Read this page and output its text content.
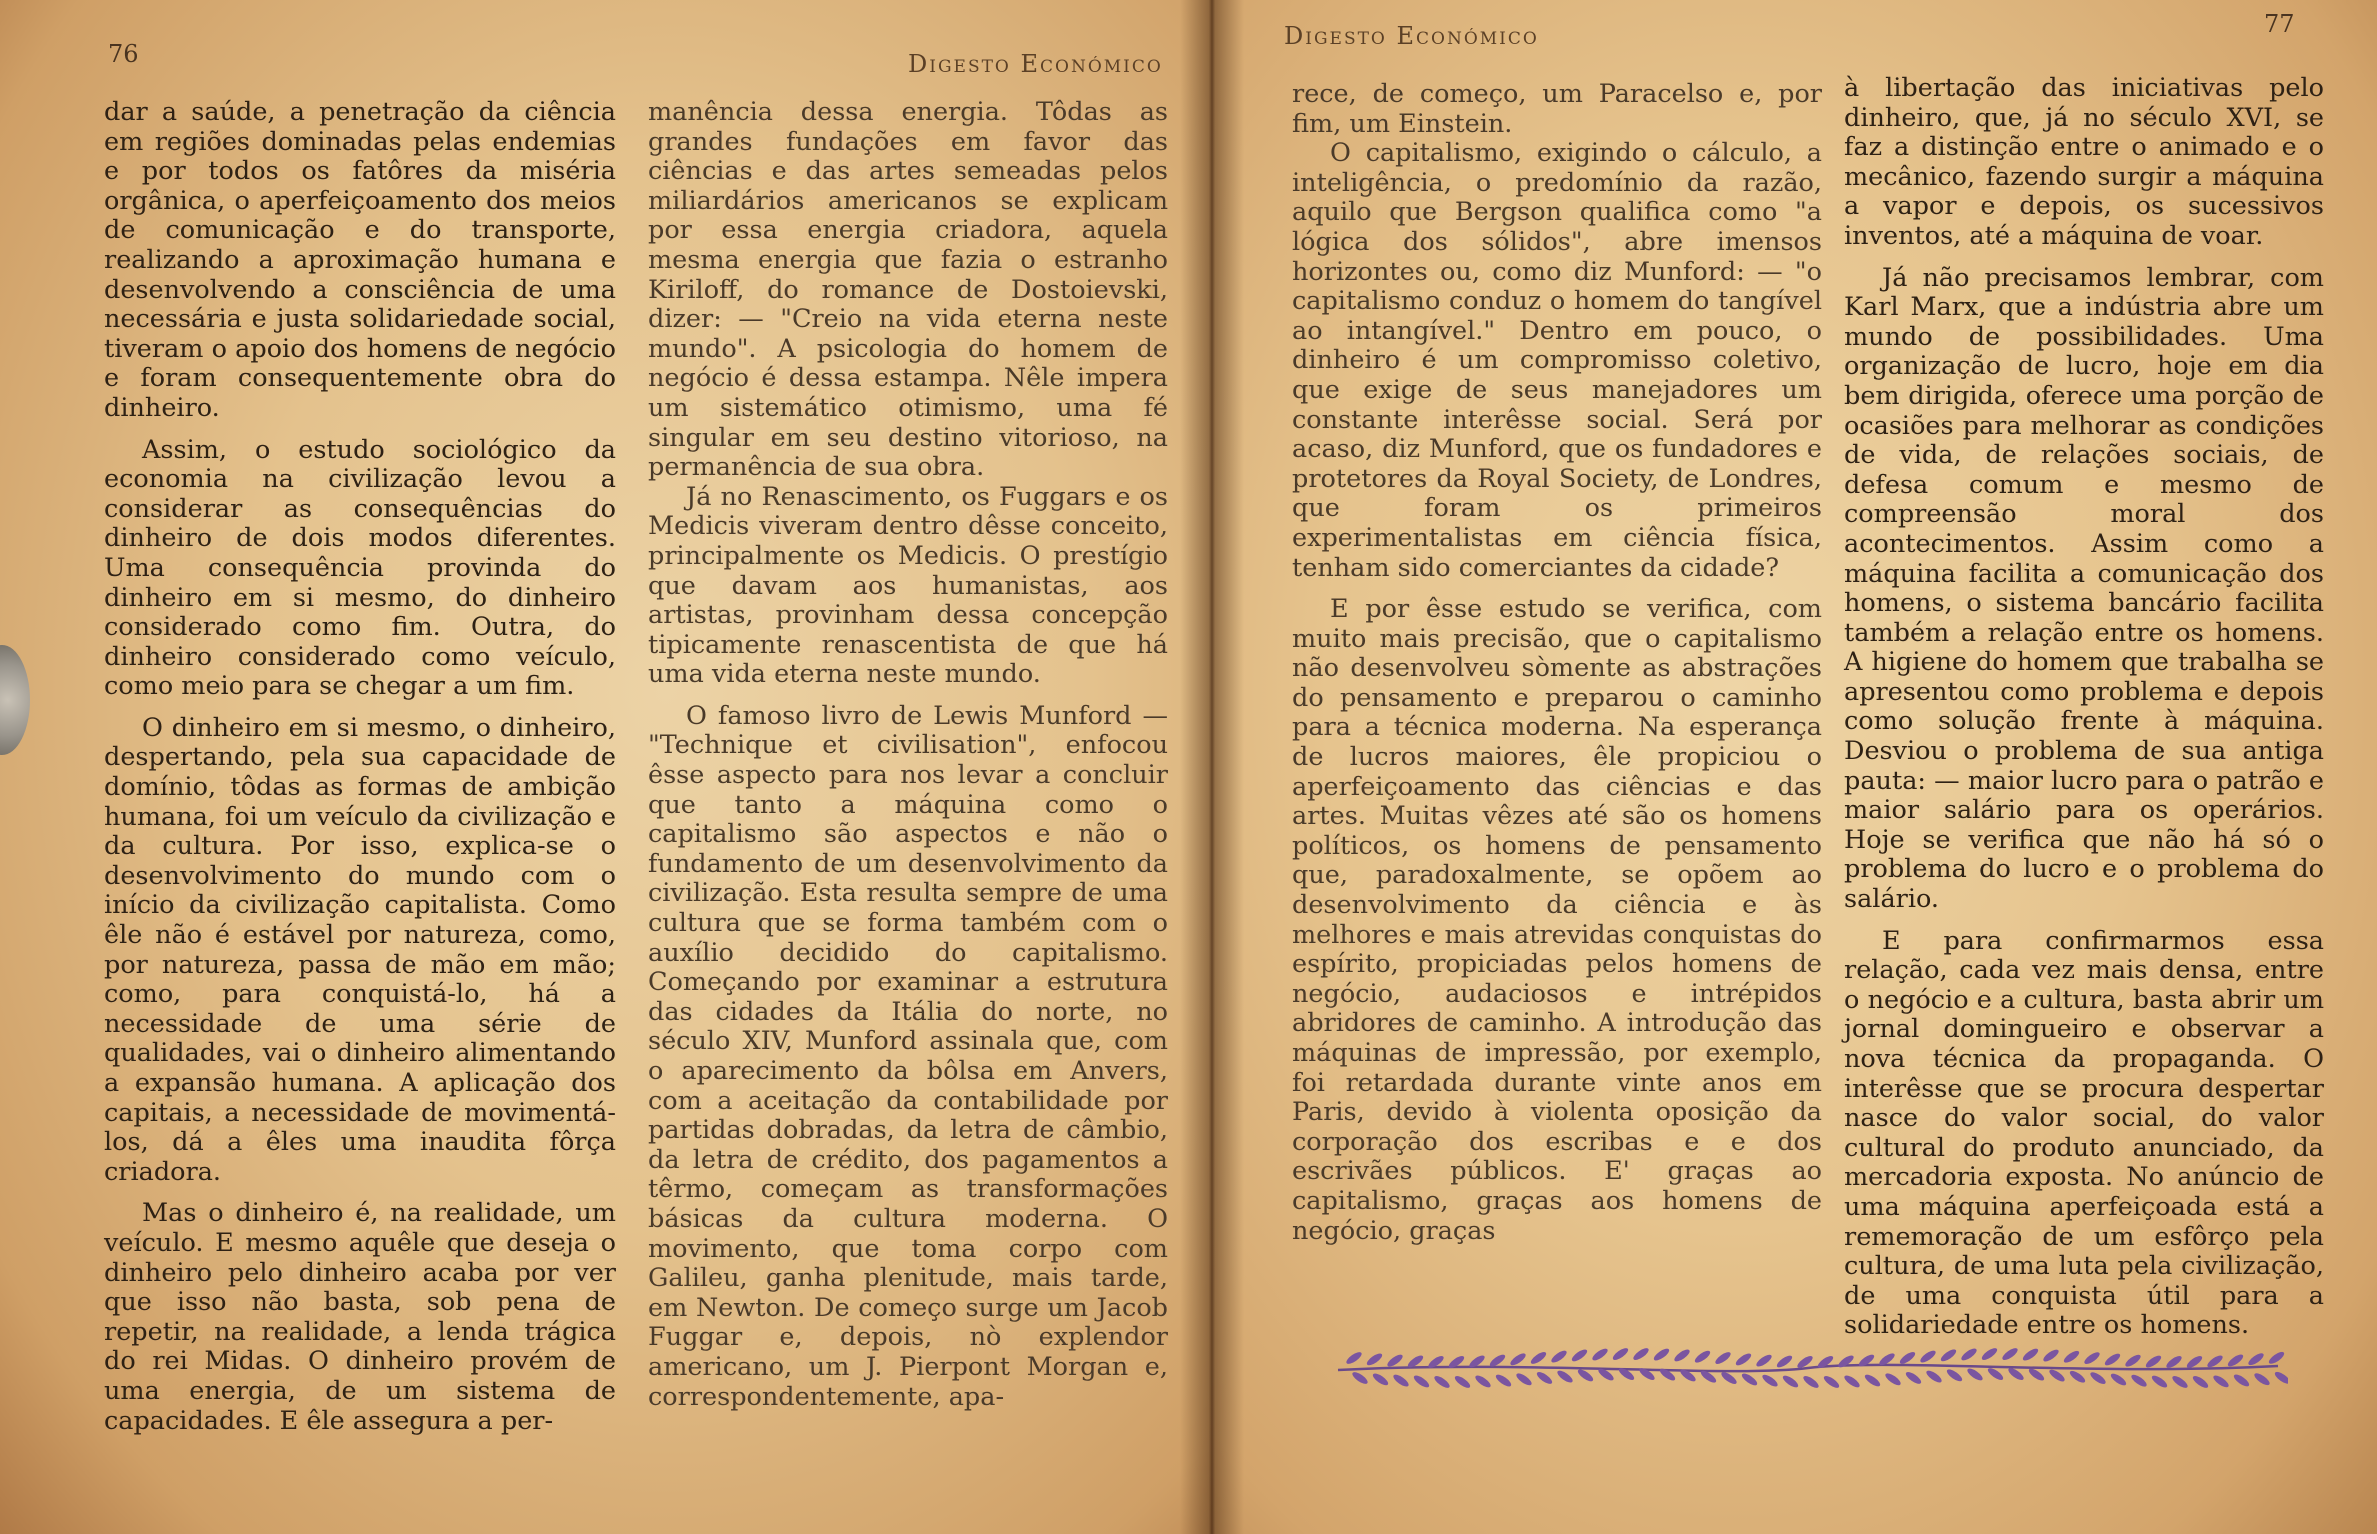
76	Digesto Económico

dar a saúde, a penetração da ciência em regiões dominadas pelas endemias e por todos os fatôres da miséria orgânica, o aperfeiçoamento dos meios de comunicação e do transporte, realizando a aproximação humana e desenvolvendo a consciência de uma necessária e justa solidariedade social, tiveram o apoio dos homens de negócio e foram consequentemente obra do dinheiro.

Assim, o estudo sociológico da economia na civilização levou a considerar as consequências do dinheiro de dois modos diferentes. Uma consequência provinda do dinheiro em si mesmo, do dinheiro considerado como fim. Outra, do dinheiro considerado como veículo, como meio para se chegar a um fim.

O dinheiro em si mesmo, o dinheiro, despertando, pela sua capacidade de domínio, tôdas as formas de ambição humana, foi um veículo da civilização e da cultura. Por isso, explica-se o desenvolvimento do mundo com o início da civilização capitalista. Como êle não é estável por natureza, como, por natureza, passa de mão em mão; como, para conquistá-lo, há a necessidade de uma série de qualidades, vai o dinheiro alimentando a expansão humana. A aplicação dos capitais, a necessidade de movimentá-los, dá a êles uma inaudita fôrça criadora.

Mas o dinheiro é, na realidade, um veículo. E mesmo aquêle que deseja o dinheiro pelo dinheiro acaba por ver que isso não basta, sob pena de repetir, na realidade, a lenda trágica do rei Midas. O dinheiro provém de uma energia, de um sistema de capacidades. E êle assegura a per-

manência dessa energia. Tôdas as grandes fundações em favor das ciências e das artes semeadas pelos miliardários americanos se explicam por essa energia criadora, aquela mesma energia que fazia o estranho Kiriloff, do romance de Dostoievski, dizer: — "Creio na vida eterna neste mundo". A psicologia do homem de negócio é dessa estampa. Nêle impera um sistemático otimismo, uma fé singular em seu destino vitorioso, na permanência de sua obra.

Já no Renascimento, os Fuggars e os Medicis viveram dentro dêsse conceito, principalmente os Medicis. O prestígio que davam aos humanistas, aos artistas, provinham dessa concepção tipicamente renascentista de que há uma vida eterna neste mundo.

O famoso livro de Lewis Munford — "Technique et civilisation", enfocou êsse aspecto para nos levar a concluir que tanto a máquina como o capitalismo são aspectos e não o fundamento de um desenvolvimento da civilização. Esta resulta sempre de uma cultura que se forma também com o auxílio decidido do capitalismo. Começando por examinar a estrutura das cidades da Itália do norte, no século XIV, Munford assinala que, com o aparecimento da bôlsa em Anvers, com a aceitação da contabilidade por partidas dobradas, da letra de câmbio, da letra de crédito, dos pagamentos a têrmo, começam as transformações básicas da cultura moderna. O movimento, que toma corpo com Galileu, ganha plenitude, mais tarde, em Newton. De começo surge um Jacob Fuggar e, depois, nò explendor americano, um J. Pierpont Morgan e, correspondentemente, apa-

Digesto Económico	77

rece, de começo, um Paracelso e, por fim, um Einstein.

O capitalismo, exigindo o cálculo, a inteligência, o predomínio da razão, aquilo que Bergson qualifica como "a lógica dos sólidos", abre imensos horizontes ou, como diz Munford: — "o capitalismo conduz o homem do tangível ao intangível." Dentro em pouco, o dinheiro é um compromisso coletivo, que exige de seus manejadores um constante interêsse social. Será por acaso, diz Munford, que os fundadores e protetores da Royal Society, de Londres, que foram os primeiros experimentalistas em ciência física, tenham sido comerciantes da cidade?

E por êsse estudo se verifica, com muito mais precisão, que o capitalismo não desenvolveu sòmente as abstrações do pensamento e preparou o caminho para a técnica moderna. Na esperança de lucros maiores, êle propiciou o aperfeiçoamento das ciências e das artes. Muitas vêzes até são os homens políticos, os homens de pensamento que, paradoxalmente, se opõem ao desenvolvimento da ciência e às melhores e mais atrevidas conquistas do espírito, propiciadas pelos homens de negócio, audaciosos e intrépidos abridores de caminho. A introdução das máquinas de impressão, por exemplo, foi retardada durante vinte anos em Paris, devido à violenta oposição da corporação dos escribas e e dos escrivães públicos. E' graças ao capitalismo, graças aos homens de negócio, graças

à libertação das iniciativas pelo dinheiro, que, já no século XVI, se faz a distinção entre o animado e o mecânico, fazendo surgir a máquina a vapor e depois, os sucessivos inventos, até a máquina de voar.

Já não precisamos lembrar, com Karl Marx, que a indústria abre um mundo de possibilidades. Uma organização de lucro, hoje em dia bem dirigida, oferece uma porção de ocasiões para melhorar as condições de vida, de relações sociais, de defesa comum e mesmo de compreensão moral dos acontecimentos. Assim como a máquina facilita a comunicação dos homens, o sistema bancário facilita também a relação entre os homens. A higiene do homem que trabalha se apresentou como problema e depois como solução frente à máquina. Desviou o problema de sua antiga pauta: — maior lucro para o patrão e maior salário para os operários. Hoje se verifica que não há só o problema do lucro e o problema do salário.

E para confirmarmos essa relação, cada vez mais densa, entre o negócio e a cultura, basta abrir um jornal domingueiro e observar a nova técnica da propaganda. O interêsse que se procura despertar nasce do valor social, do valor cultural do produto anunciado, da mercadoria exposta. No anúncio de uma máquina aperfeiçoada está a rememoração de um esfôrço pela cultura, de uma luta pela civilização, de uma conquista útil para a solidariedade entre os homens.
